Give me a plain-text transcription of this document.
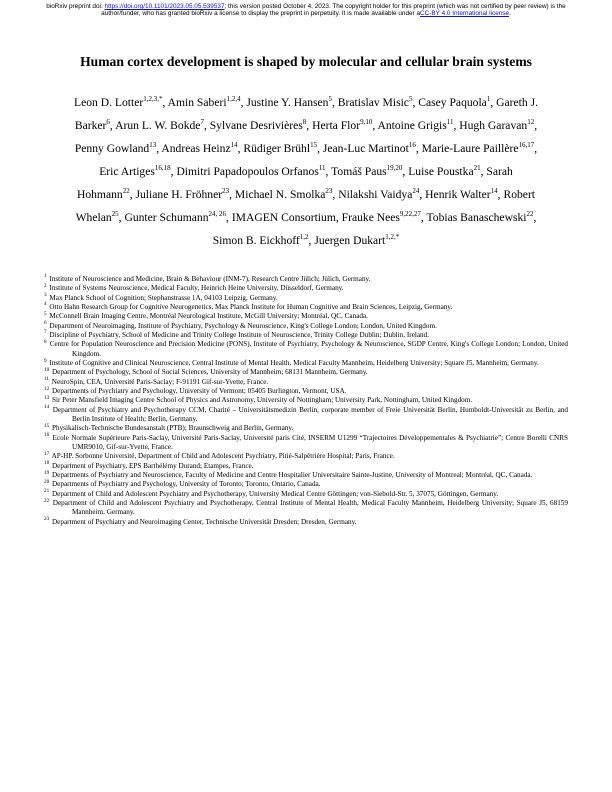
bioRxiv preprint doi: https://doi.org/10.1101/2023.05.05.539537; this version posted October 4, 2023. The copyright holder for this preprint (which was not certified by peer review) is the author/funder, who has granted bioRxiv a license to display the preprint in perpetuity. It is made available under aCC-BY 4.0 International license.
Human cortex development is shaped by molecular and cellular brain systems

Leon D. Lotter$^{1,2,3,*}$, Amin Saberi$^{1,2,4}$, Justine Y. Hansen$^5$, Bratislav Misic$^5$, Casey Paquola$^1$, Gareth J. Barker$^6$, Arun L. W. Bokde$^7$, Sylvane Desrivières$^8$, Herta Flor$^{9,10}$, Antoine Grigis$^{11}$, Hugh Garavan$^{12}$, Penny Gowland$^{13}$, Andreas Heinz$^{14}$, Rüdiger Brühl$^{15}$, Jean-Luc Martinot$^{16}$, Marie-Laure Paillère$^{16,17}$, Eric Artiges$^{16,18}$, Dimitri Papadopoulos Orfanos$^{11}$, Tomáš Paus$^{19,20}$, Luise Poustka$^{21}$, Sarah Hohmann$^{22}$, Juliane H. Fröhner$^{23}$, Michael N. Smolka$^{23}$, Nilakshi Vaidya$^{24}$, Henrik Walter$^{14}$, Robert Whelan$^{25}$, Gunter Schumann$^{24, 26}$, IMAGEN Consortium, Frauke Nees$^{9,22,27}$, Tobias Banaschewski$^{22}$, Simon B. Eickhoff$^{1,2}$, Juergen Dukart$^{1,2,*}$

$^1$ Institute of Neuroscience and Medicine, Brain & Behaviour (INM-7), Research Centre Jülich; Jülich, Germany.
$^2$ Institute of Systems Neuroscience, Medical Faculty, Heinrich Heine University, Düsseldorf, Germany.
$^3$ Max Planck School of Cognition; Stephanstrasse 1A, 04103 Leipzig, Germany.
$^4$ Otto Hahn Research Group for Cognitive Neurogenetics, Max Planck Institute for Human Cognitive and Brain Sciences, Leipzig, Germany.
$^5$ McConnell Brain Imaging Centre, Montréal Neurological Institute, McGill University; Montréal, QC, Canada.
$^6$ Department of Neuroimaging, Institute of Psychiatry, Psychology & Neuroscience, King's College London; London, United Kingdom.
$^7$ Discipline of Psychiatry, School of Medicine and Trinity College Institute of Neuroscience, Trinity College Dublin; Dublin, Ireland.
$^8$ Centre for Population Neuroscience and Precision Medicine (PONS), Institute of Psychiatry, Psychology & Neuroscience, SGDP Centre, King's College London; London, United Kingdom.
$^9$ Institute of Cognitive and Clinical Neuroscience, Central Institute of Mental Health, Medical Faculty Mannheim, Heidelberg University; Square J5, Mannheim, Germany.
$^{10}$ Department of Psychology, School of Social Sciences, University of Mannheim; 68131 Mannheim, Germany.
$^{11}$ NeuroSpin, CEA, Université Paris-Saclay; F-91191 Gif-sur-Yvette, France.
$^{12}$ Departments of Psychiatry and Psychology, University of Vermont; 05405 Burlington, Vermont, USA.
$^{13}$ Sir Peter Mansfield Imaging Centre School of Physics and Astronomy, University of Nottingham; University Park, Nottingham, United Kingdom.
$^{14}$ Department of Psychiatry and Psychotherapy CCM, Charité – Universitätsmedizin Berlin, corporate member of Freie Universität Berlin, Humboldt-Universität zu Berlin, and Berlin Institute of Health; Berlin, Germany.
$^{15}$ Physikalisch-Technische Bundesanstalt (PTB); Braunschweig and Berlin, Germany.
$^{16}$ Ecole Normale Supérieure Paris-Saclay, Université Paris-Saclay, Université paris Cité, INSERM U1299 “Trajectoires Développementales & Psychiatrie”; Centre Borelli CNRS UMR9010, Gif-sur-Yvette, France.
$^{17}$ AP-HP. Sorbonne Université, Department of Child and Adolescent Psychiatry, Pitié-Salpêtrière Hospital; Paris, France.
$^{18}$ Department of Psychiatry, EPS Barthélémy Durand; Etampes, France.
$^{19}$ Departments of Psychiatry and Neuroscience, Faculty of Medicine and Centre Hospitalier Universitaire Sainte-Justine, University of Montreal; Montréal, QC, Canada.
$^{20}$ Departments of Psychiatry and Psychology, University of Toronto; Toronto, Ontario, Canada.
$^{21}$ Department of Child and Adolescent Psychiatry and Psychotherapy, University Medical Centre Göttingen; von-Siebold-Str. 5, 37075, Göttingen, Germany.
$^{22}$ Department of Child and Adolescent Psychiatry and Psychotherapy, Central Institute of Mental Health, Medical Faculty Mannheim, Heidelberg University; Square J5, 68159 Mannheim, Germany.
$^{23}$ Department of Psychiatry and Neuroimaging Center, Technische Universität Dresden; Dresden, Germany.
